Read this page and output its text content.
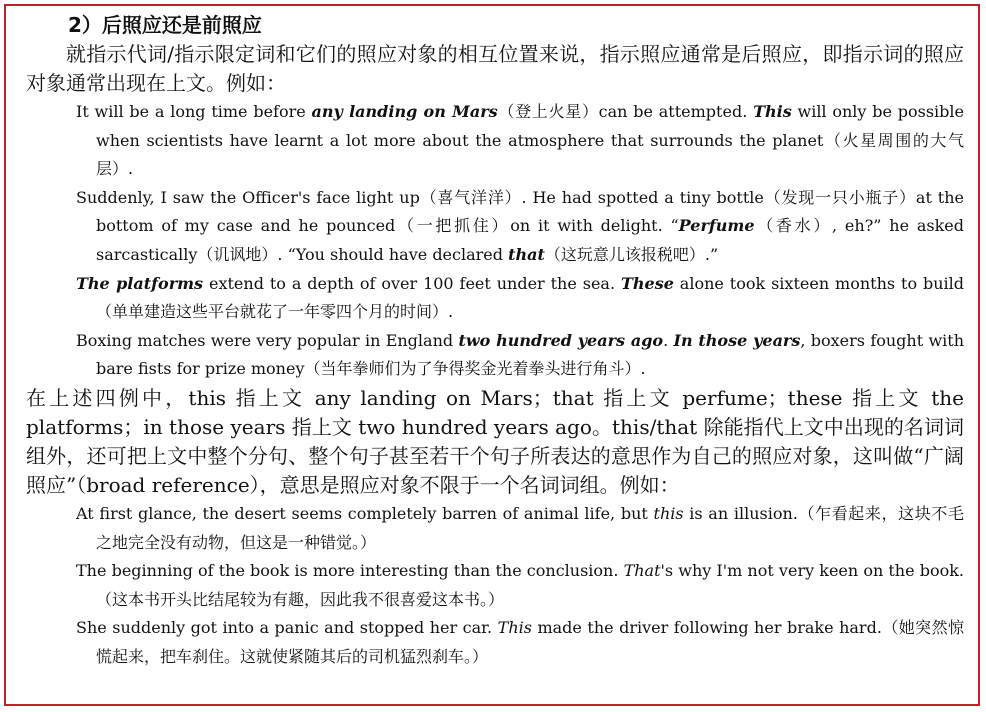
2）后照应还是前照应

就指示代词/指示限定词和它们的照应对象的相互位置来说，指示照应通常是后照应，即指示词的照应对象通常出现在上文。例如：

It will be a long time before any landing on Mars（登上火星）can be attempted. This will only be possible when scientists have learnt a lot more about the atmosphere that surrounds the planet（火星周围的大气层）.

Suddenly, I saw the Officer's face light up（喜气洋洋）. He had spotted a tiny bottle（发现一只小瓶子）at the bottom of my case and he pounced（一把抓住）on it with delight. “Perfume（香水）, eh?” he asked sarcastically（讥讽地）. “You should have declared that（这玩意儿该报税吧）.”

The platforms extend to a depth of over 100 feet under the sea. These alone took sixteen months to build（单单建造这些平台就花了一年零四个月的时间）.

Boxing matches were very popular in England two hundred years ago. In those years, boxers fought with bare fists for prize money（当年拳师们为了争得奖金光着拳头进行角斗）.

在上述四例中，this 指上文 any landing on Mars；that 指上文 perfume；these 指上文 the platforms；in those years 指上文 two hundred years ago。this/that 除能指代上文中出现的名词词组外，还可把上文中整个分句、整个句子甚至若干个句子所表达的意思作为自己的照应对象，这叫做“广阔照应”（broad reference），意思是照应对象不限于一个名词词组。例如：

At first glance, the desert seems completely barren of animal life, but this is an illusion.（乍看起来，这块不毛之地完全没有动物，但这是一种错觉。）

The beginning of the book is more interesting than the conclusion. That's why I'm not very keen on the book.（这本书开头比结尾较为有趣，因此我不很喜爱这本书。）

She suddenly got into a panic and stopped her car. This made the driver following her brake hard.（她突然惊慌起来，把车刹住。这就使紧随其后的司机猛烈刹车。）
